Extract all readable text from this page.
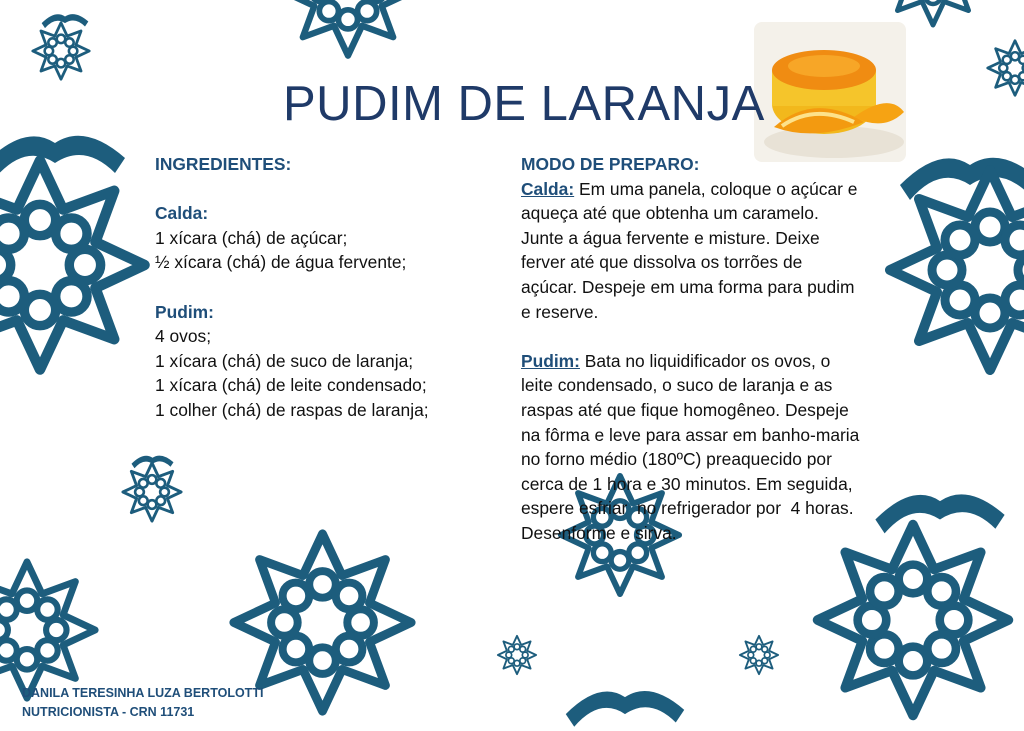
PUDIM DE LARANJA
INGREDIENTES:
Calda:
1 xícara (chá) de açúcar;
½ xícara (chá) de água fervente;
Pudim:
4 ovos;
1 xícara (chá) de suco de laranja;
1 xícara (chá) de leite condensado;
1 colher (chá) de raspas de laranja;
MODO DE PREPARO:
Calda: Em uma panela, coloque o açúcar e
aqueça até que obtenha um caramelo.
Junte a água fervente e misture. Deixe
ferver até que dissolva os torrões de
açúcar. Despeje em uma forma para pudim
e reserve.
Pudim: Bata no liquidificador os ovos, o
leite condensado, o suco de laranja e as
raspas até que fique homogêneo. Despeje
na fôrma e leve para assar em banho-maria
no forno médio (180ºC) preaquecido por
cerca de 1 hora e 30 minutos. Em seguida,
espere esfriar  no refrigerador por  4 horas.
Desenforme e sirva.
DANILA TERESINHA LUZA BERTOLOTTI
NUTRICIONISTA - CRN 11731
